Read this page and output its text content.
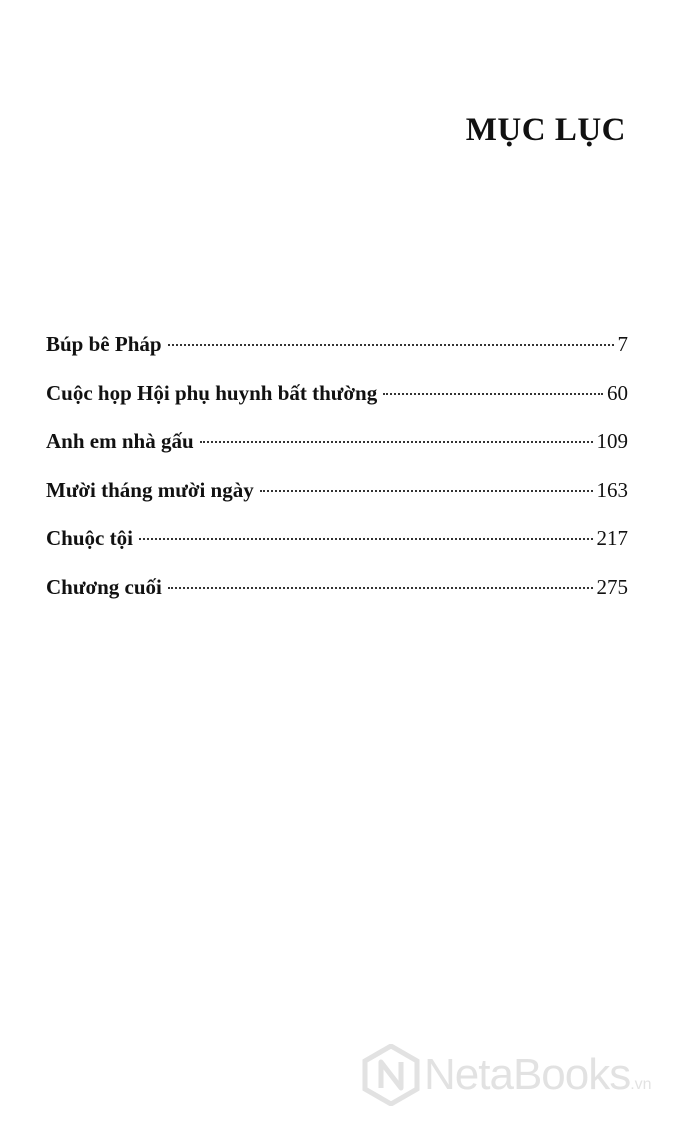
MỤC LỤC
Búp bê Pháp	7
Cuộc họp Hội phụ huynh bất thường	60
Anh em nhà gấu	109
Mười tháng mười ngày	163
Chuộc tội	217
Chương cuối	275
NetaBooks .vn
